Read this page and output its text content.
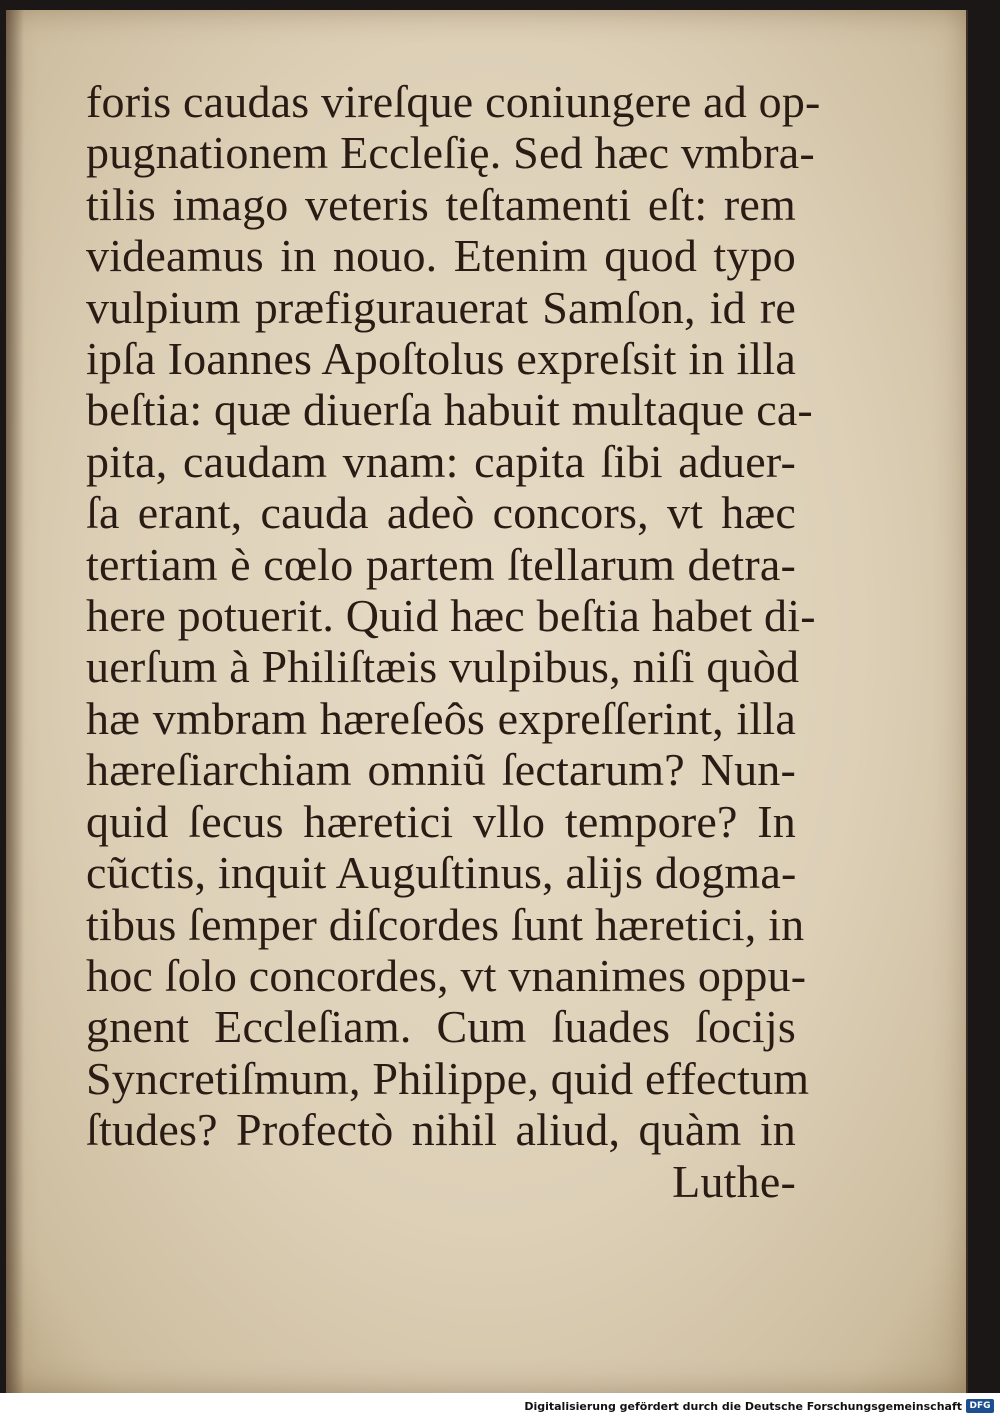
foris caudas vireſque coniungere ad op-
pugnationem Eccleſię. Sed hæc vmbra-
tilis imago veteris teſtamenti eſt: rem
videamus in nouo. Etenim quod typo
vulpium præfigurauerat Samſon, id re
ipſa Ioannes Apoſtolus expreſsit in illa
beſtia: quæ diuerſa habuit multaque ca-
pita, caudam vnam: capita ſibi aduer-
ſa erant, cauda adeò concors, vt hæc
tertiam è cœlo partem ſtellarum detra-
here potuerit. Quid hæc beſtia habet di-
uerſum à Philiſtæis vulpibus, niſi quòd
hæ vmbram hæreſeôs expreſſerint, illa
hæreſiarchiam omniũ ſectarum? Nun-
quid ſecus hæretici vllo tempore? In
cũctis, inquit Auguſtinus, alijs dogma-
tibus ſemper diſcordes ſunt hæretici, in
hoc ſolo concordes, vt vnanimes oppu-
gnent Eccleſiam. Cum ſuades ſocijs
Syncretiſmum, Philippe, quid effectum
ſtudes? Profectò nihil aliud, quàm in
Luthe-
Digitalisierung gefördert durch die Deutsche Forschungsgemeinschaft DFG
